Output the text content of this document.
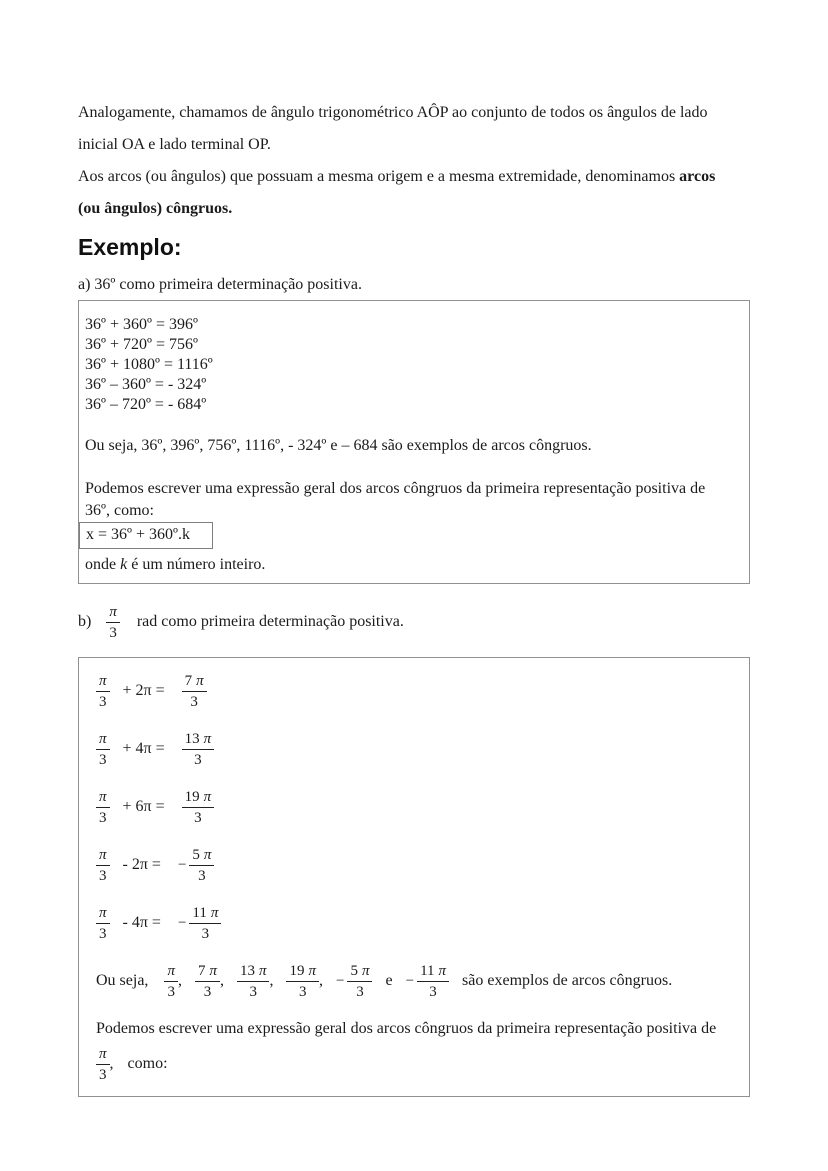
Analogamente, chamamos de ângulo trigonométrico AÔP ao conjunto de todos os ângulos de lado
inicial OA e lado terminal OP.
Aos arcos (ou ângulos) que possuam a mesma origem e a mesma extremidade, denominamos arcos
(ou ângulos) côngruos.

Exemplo:
a) 36º como primeira determinação positiva.
36º + 360º = 396º
36º + 720º = 756º
36º + 1080º = 1116º
36º – 360º = - 324º
36º – 720º = - 684º
Ou seja, 36º, 396º, 756º, 1116º, - 324º e – 684 são exemplos de arcos côngruos.
Podemos escrever uma expressão geral dos arcos côngruos da primeira representação positiva de
36º, como:
x = 36º + 360º.k
onde k é um número inteiro.
$b) \frac{\pi}{3}$ rad como primeira determinação positiva.
$\frac{\pi}{3} + 2\pi = \frac{7 \pi}{3}$
$\frac{\pi}{3} + 4\pi = \frac{13 \pi}{3}$
$\frac{\pi}{3} + 6\pi = \frac{19 \pi}{3}$
$\frac{\pi}{3} - 2\pi$ = − $\frac{5 \pi}{3}$
$\frac{\pi}{3} - 4\pi$ = − $\frac{11 \pi}{3}$
Ou seja, $\frac{\pi}{3}$ , $\frac{7 \pi}{3}$ , $\frac{13 \pi}{3}$ , $\frac{19 \pi}{3}$ , − $\frac{5 \pi}{3}$ $e - \frac{11 \pi}{3}$ são exemplos de arcos côngruos.
Podemos escrever uma expressão geral dos arcos côngruos da primeira representação positiva de
$\frac{\pi}{3}$ , como:
